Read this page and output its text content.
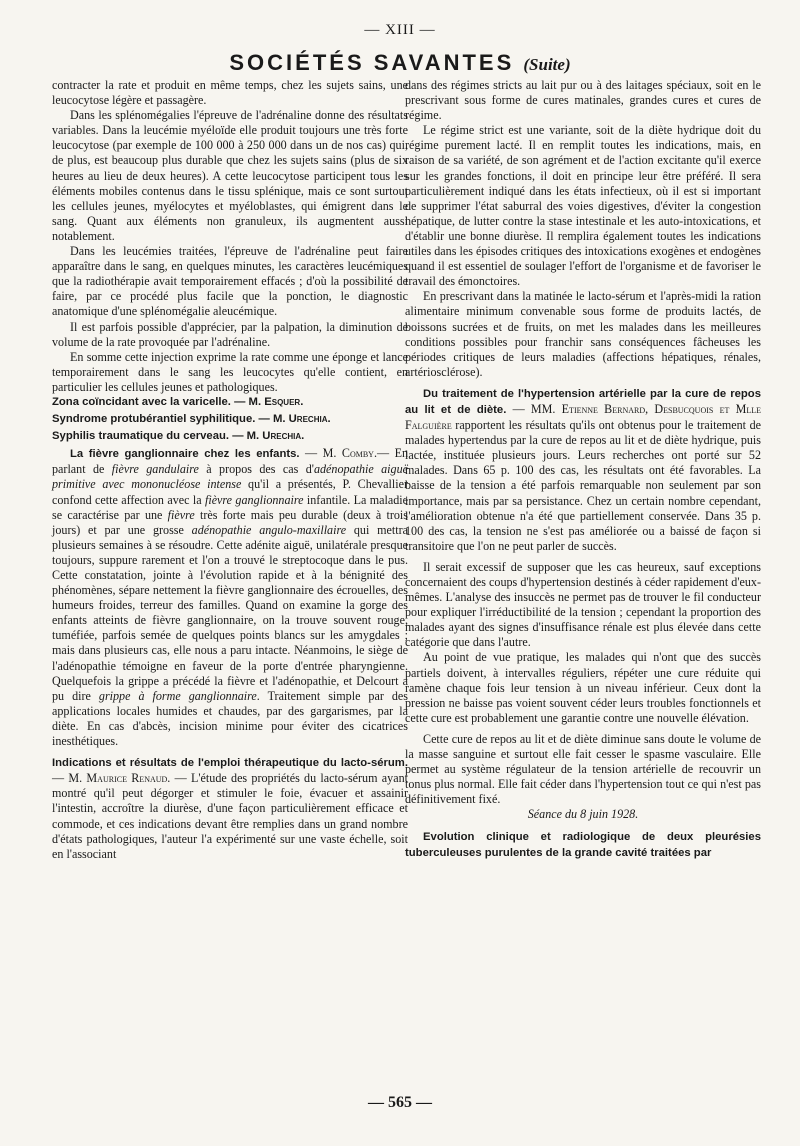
— XIII —
SOCIÉTÉS SAVANTES (Suite)

contracter la rate et produit en même temps, chez les sujets sains, une leucocytose légère et passagère.

Dans les splénomégalies l'épreuve de l'adrénaline donne des résultats variables. Dans la leucémie myéloïde elle produit toujours une très forte leucocytose (par exemple de 100 000 à 250 000 dans un de nos cas) qui, de plus, est beaucoup plus durable que chez les sujets sains (plus de six heures au lieu de deux heures). A cette leucocytose participent tous les éléments mobiles contenus dans le tissu splénique, mais ce sont surtout les cellules jeunes, myélocytes et myéloblastes, qui émigrent dans le sang. Quant aux éléments non granuleux, ils augmentent aussi notablement.

Dans les leucémies traitées, l'épreuve de l'adrénaline peut faire apparaître dans le sang, en quelques minutes, les caractères leucémiques que la radiothérapie avait temporairement effacés ; d'où la possibilité de faire, par ce procédé plus facile que la ponction, le diagnostic anatomique d'une splénomégalie aleucémique.

Il est parfois possible d'apprécier, par la palpation, la diminution de volume de la rate provoquée par l'adrénaline.

En somme cette injection exprime la rate comme une éponge et lance temporairement dans le sang les leucocytes qu'elle contient, en particulier les cellules jeunes et pathologiques.

Zona coïncidant avec la varicelle. — M. Esquer.

Syndrome protubérantiel syphilitique. — M. Urechia.

Syphilis traumatique du cerveau. — M. Urechia.

La fièvre ganglionnaire chez les enfants. — M. Comby.— En parlant de fièvre gandulaire à propos des cas d'adénopathie aiguë primitive avec mononucléose intense qu'il a présentés, P. Chevallier confond cette affection avec la fièvre ganglionnaire infantile. La maladie se caractérise par une fièvre très forte mais peu durable (deux à trois jours) et par une grosse adénopathie angulo-maxillaire qui mettra plusieurs semaines à se résoudre. Cette adénite aiguë, unilatérale presque toujours, suppure rarement et l'on a trouvé le streptocoque dans le pus. Cette constatation, jointe à l'évolution rapide et à la bénignité des phénomènes, sépare nettement la fièvre ganglionnaire des écrouelles, des humeurs froides, terreur des familles. Quand on examine la gorge des enfants atteints de fièvre ganglionnaire, on la trouve souvent rouge, tuméfiée, parfois semée de quelques points blancs sur les amygdales ; mais dans plusieurs cas, elle nous a paru intacte. Néanmoins, le siège de l'adénopathie témoigne en faveur de la porte d'entrée pharyngienne. Quelquefois la grippe a précédé la fièvre et l'adénopathie, et Delcourt a pu dire grippe à forme ganglionnaire. Traitement simple par des applications locales humides et chaudes, par des gargarismes, par la diète. En cas d'abcès, incision minime pour éviter des cicatrices inesthétiques.

Indications et résultats de l'emploi thérapeutique du lacto-sérum. — M. Maurice Renaud. — L'étude des propriétés du lacto-sérum ayant montré qu'il peut dégorger et stimuler le foie, évacuer et assainir l'intestin, accroître la diurèse, d'une façon particulièrement efficace et commode, et ces indications devant être remplies dans un grand nombre d'états pathologiques, l'auteur l'a expérimenté sur une vaste échelle, soit en l'associant

dans des régimes stricts au lait pur ou à des laitages spéciaux, soit en le prescrivant sous forme de cures matinales, grandes cures et cures de régime.

Le régime strict est une variante, soit de la diète hydrique doit du régime purement lacté. Il en remplit toutes les indications, mais, en raison de sa variété, de son agrément et de l'action excitante qu'il exerce sur les grandes fonctions, il doit en principe leur être préféré. Il sera particulièrement indiqué dans les états infectieux, où il est si important de supprimer l'état saburral des voies digestives, d'éviter la congestion hépatique, de lutter contre la stase intestinale et les auto-intoxications, et d'établir une bonne diurèse. Il remplira également toutes les indications utiles dans les épisodes critiques des intoxications exogènes et endogènes quand il est essentiel de soulager l'effort de l'organisme et de favoriser le travail des émonctoires.

En prescrivant dans la matinée le lacto-sérum et l'après-midi la ration alimentaire minimum convenable sous forme de produits lactés, de boissons sucrées et de fruits, on met les malades dans les meilleures conditions possibles pour franchir sans conséquences fâcheuses les périodes critiques de leurs maladies (affections hépatiques, rénales, artériosclérose).

Du traitement de l'hypertension artérielle par la cure de repos au lit et de diète. — MM. Etienne Bernard, Desbucquois et Mlle Falguière rapportent les résultats qu'ils ont obtenus pour le traitement de malades hypertendus par la cure de repos au lit et de diète hydrique, puis lactée, instituée plusieurs jours. Leurs recherches ont porté sur 52 malades. Dans 65 p. 100 des cas, les résultats ont été favorables. La baisse de la tension a été parfois remarquable non seulement par son importance, mais par sa persistance. Chez un certain nombre cependant, l'amélioration obtenue n'a été que partiellement conservée. Dans 35 p. 100 des cas, la tension ne s'est pas améliorée ou a baissé de façon si transitoire que l'on ne peut parler de succès.

Il serait excessif de supposer que les cas heureux, sauf exceptions concernaient des coups d'hypertension destinés à céder rapidement d'eux-mêmes. L'analyse des insuccès ne permet pas de trouver le fil conducteur pour expliquer l'irréductibilité de la tension ; cependant la proportion des malades ayant des signes d'insuffisance rénale est plus élevée dans cette catégorie que dans l'autre.

Au point de vue pratique, les malades qui n'ont que des succès partiels doivent, à intervalles réguliers, répéter une cure réduite qui ramène chaque fois leur tension à un niveau inférieur. Ceux dont la pression ne baisse pas voient souvent céder leurs troubles fonctionnels et cette cure est probablement une garantie contre une nouvelle élévation.

Cette cure de repos au lit et de diète diminue sans doute le volume de la masse sanguine et surtout elle fait cesser le spasme vasculaire. Elle permet au système régulateur de la tension artérielle de recouvrir un tonus plus normal. Elle fait céder dans l'hypertension tout ce qui n'est pas définitivement fixé.

Séance du 8 juin 1928.

Evolution clinique et radiologique de deux pleurésies tuberculeuses purulentes de la grande cavité traitées par

— 565 —
